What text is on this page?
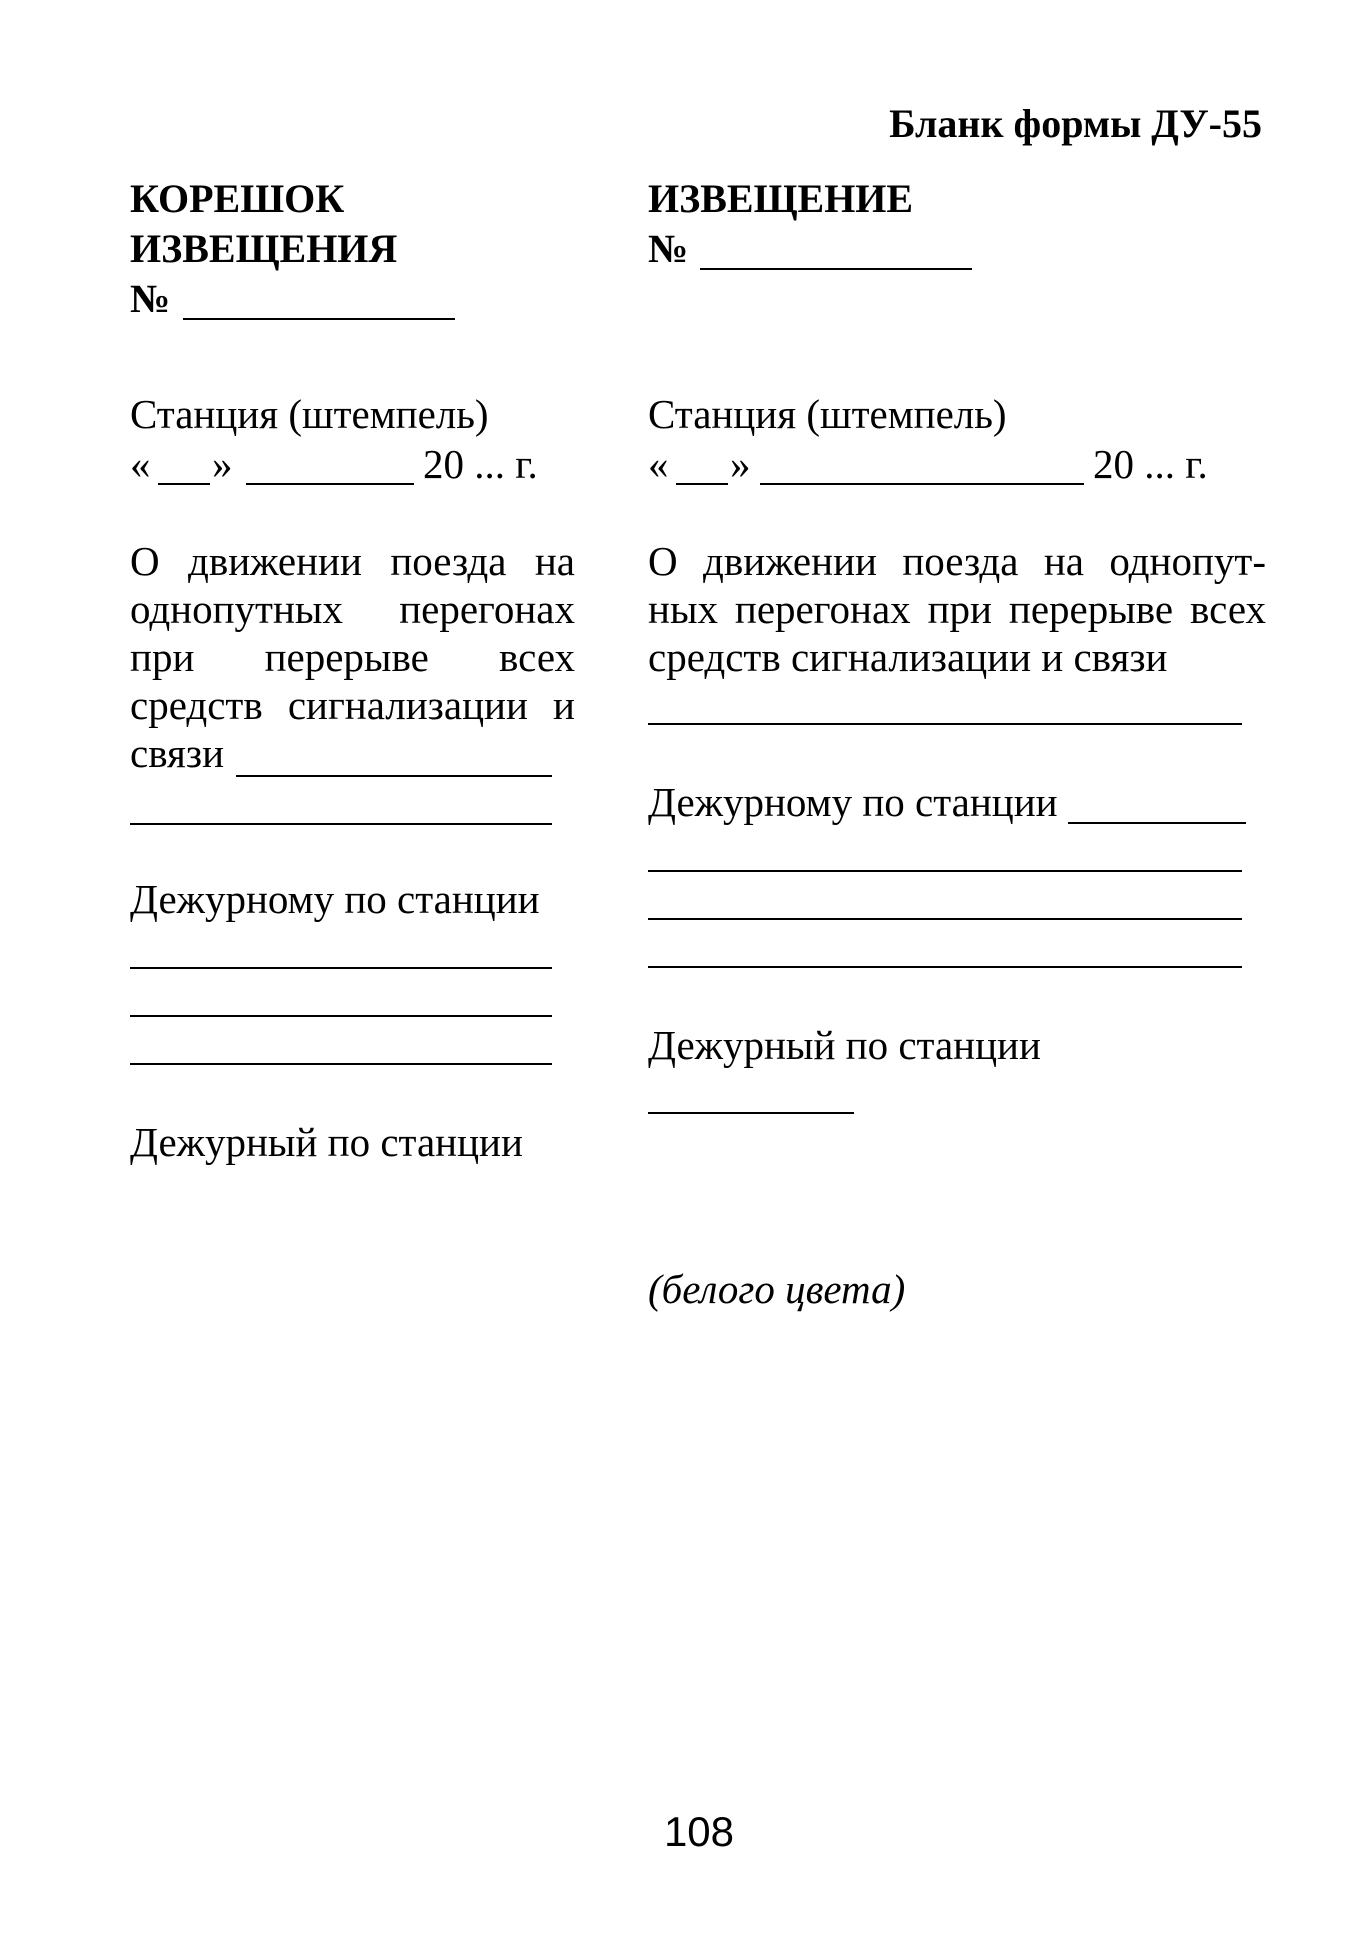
Бланк формы ДУ-55
КОРЕШОК
ИЗВЕЩЕНИЯ
№
Станция (штемпель)
« »	20 ... г.
О движении поезда на
однопутных перегонах
при перерыве всех
средств сигнализации и
связи
Дежурному по станции
Дежурный по станции
ИЗВЕЩЕНИЕ
№
Станция (штемпель)
« »	20 ... г.
О движении поезда на однопут-
ных перегонах при перерыве всех
средств сигнализации и связи
Дежурному по станции
Дежурный по станции
(белого цвета)
108
